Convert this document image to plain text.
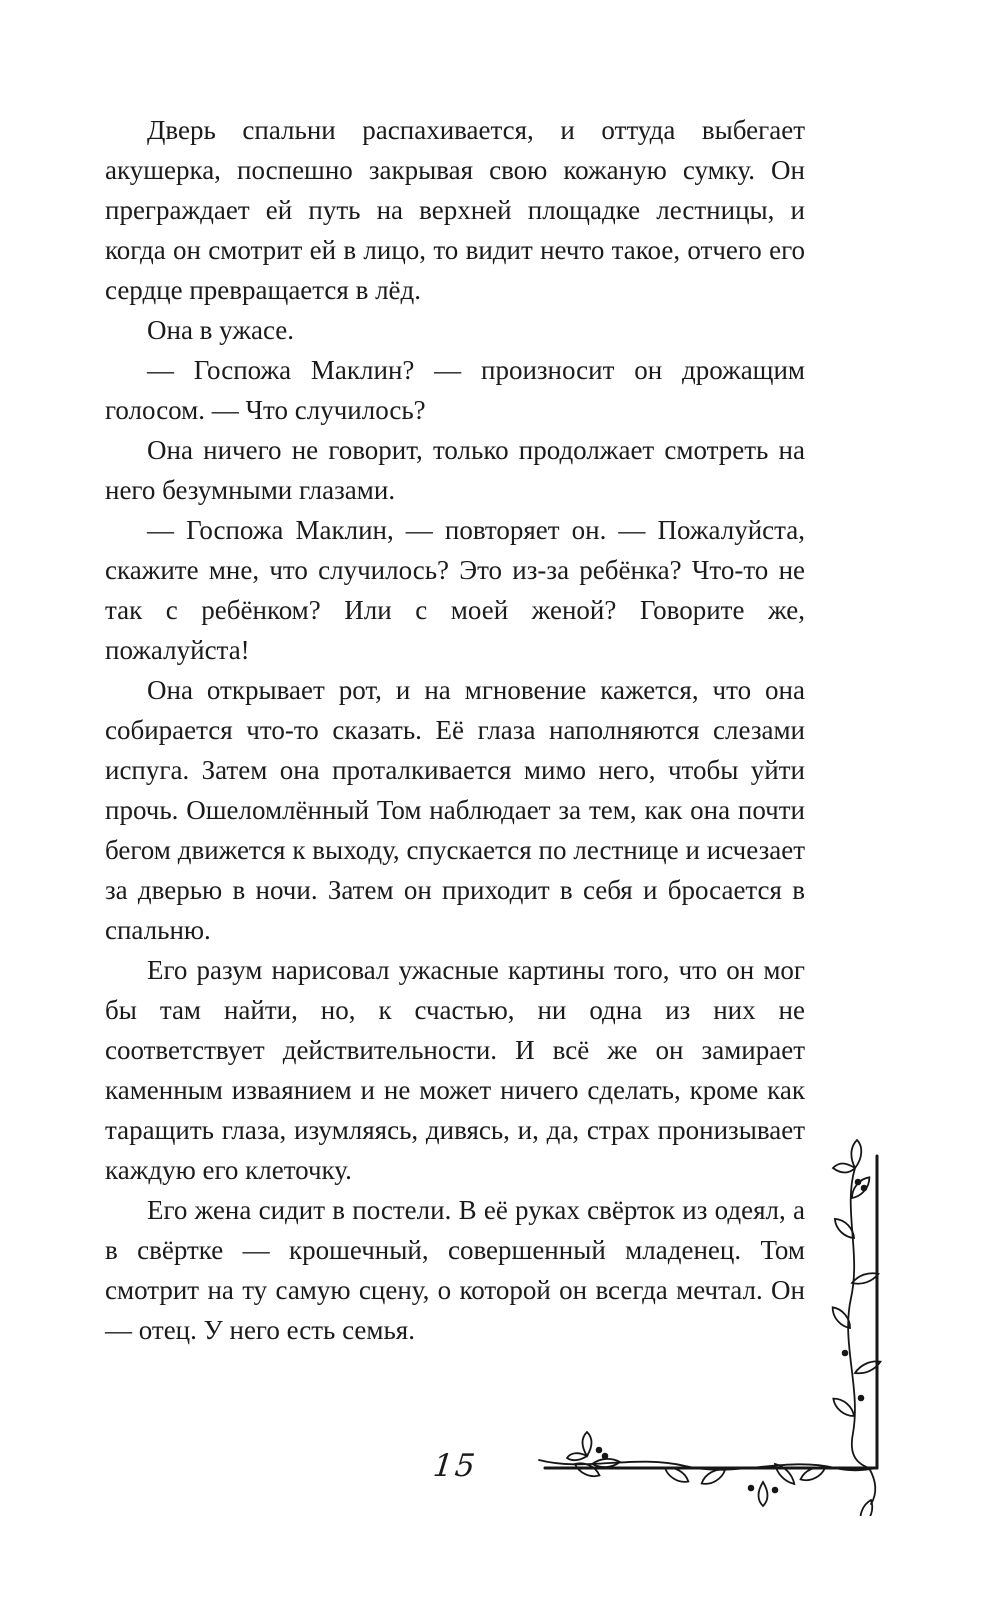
Дверь спальни распахивается, и оттуда выбегает акушерка, поспешно закрывая свою кожаную сумку. Он преграждает ей путь на верхней площадке лестницы, и когда он смотрит ей в лицо, то видит нечто такое, отчего его сердце превращается в лёд.

Она в ужасе.

— Госпожа Маклин? — произносит он дрожащим голосом. — Что случилось?

Она ничего не говорит, только продолжает смотреть на него безумными глазами.

— Госпожа Маклин, — повторяет он. — Пожалуйста, скажите мне, что случилось? Это из-за ребёнка? Что-то не так с ребёнком? Или с моей женой? Говорите же, пожалуйста!

Она открывает рот, и на мгновение кажется, что она собирается что-то сказать. Её глаза наполняются слезами испуга. Затем она проталкивается мимо него, чтобы уйти прочь. Ошеломлённый Том наблюдает за тем, как она почти бегом движется к выходу, спускается по лестнице и исчезает за дверью в ночи. Затем он приходит в себя и бросается в спальню.

Его разум нарисовал ужасные картины того, что он мог бы там найти, но, к счастью, ни одна из них не соответствует действительности. И всё же он замирает каменным изваянием и не может ничего сделать, кроме как таращить глаза, изумляясь, дивясь, и, да, страх пронизывает каждую его клеточку.

Его жена сидит в постели. В её руках свёрток из одеял, а в свёртке — крошечный, совершенный младенец. Том смотрит на ту самую сцену, о которой он всегда мечтал. Он — отец. У него есть семья.

15
